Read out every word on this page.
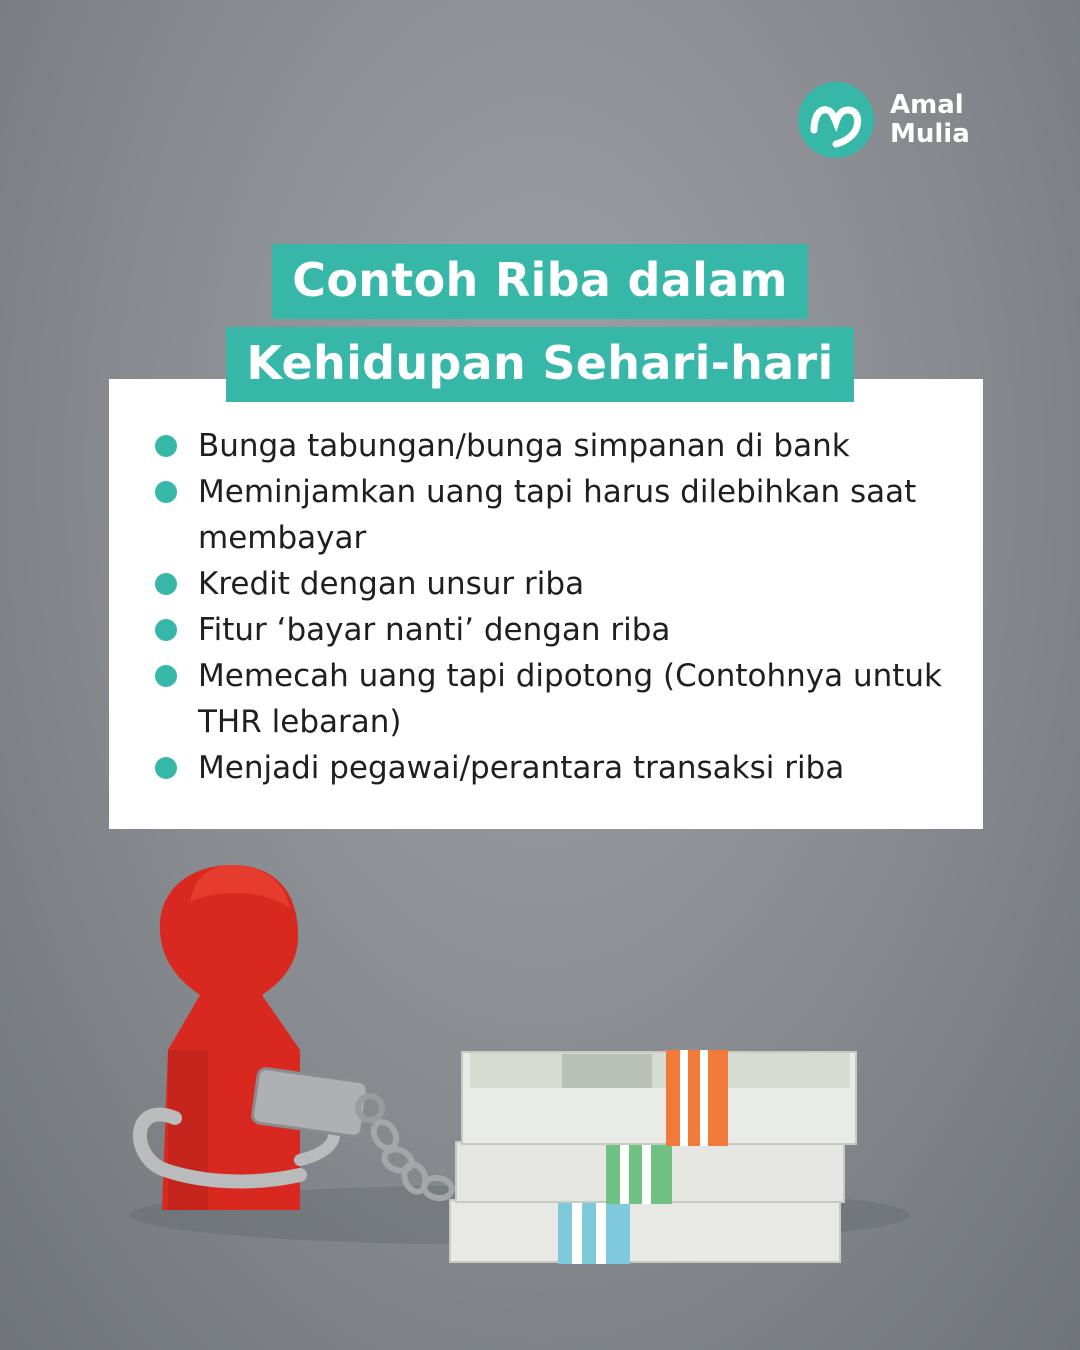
Amal
Mulia
Contoh Riba dalam
Kehidupan Sehari-hari
Bunga tabungan/bunga simpanan di bank
Meminjamkan uang tapi harus dilebihkan saat membayar
Kredit dengan unsur riba
Fitur ‘bayar nanti’ dengan riba
Memecah uang tapi dipotong (Contohnya untuk THR lebaran)
Menjadi pegawai/perantara transaksi riba
